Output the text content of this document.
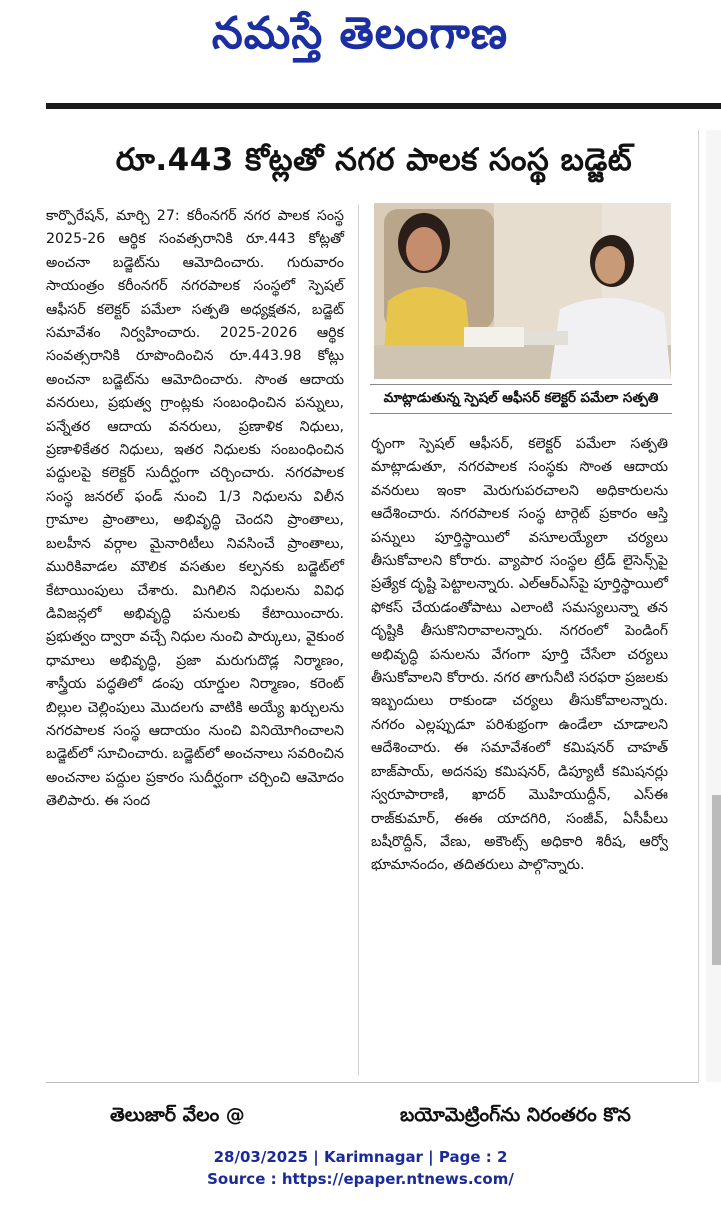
నమస్తే తెలంగాణ
రూ.443 కోట్లతో నగర పాలక సంస్థ బడ్జెట్
కార్పొరేషన్, మార్చి 27: కరీంనగర్ నగర పాలక సంస్థ 2025-26 ఆర్థిక సంవత్సరానికి రూ.443 కోట్లతో అంచనా బడ్జెట్‌ను ఆమోదించారు. గురువారం సాయంత్రం కరీంనగర్ నగరపాలక సంస్థలో స్పెషల్ ఆఫీసర్ కలెక్టర్ పమేలా సత్పతి అధ్యక్షతన, బడ్జెట్ సమావేశం నిర్వహించారు. 2025-2026 ఆర్థిక సంవత్సరానికి రూపొందించిన రూ.443.98 కోట్లు అంచనా బడ్జెట్‌ను ఆమోదించారు. సొంత ఆదాయ వనరులు, ప్రభుత్వ గ్రాంట్లకు సంబంధించిన పన్నులు, పన్నేతర ఆదాయ వనరులు, ప్రణాళిక నిధులు, ప్రణాళికేతర నిధులు, ఇతర నిధులకు సంబంధించిన పద్దులపై కలెక్టర్ సుదీర్ఘంగా చర్చించారు. నగరపాలక సంస్థ జనరల్ ఫండ్ నుంచి 1/3 నిధులను విలీన గ్రామాల ప్రాంతాలు, అభివృద్ధి చెందని ప్రాంతాలు, బలహీన వర్గాల మైనారిటీలు నివసించే ప్రాంతాలు, మురికివాడల మౌలిక వసతుల కల్పనకు బడ్జెట్‌లో కేటాయింపులు చేశారు. మిగిలిన నిధులను వివిధ డివిజన్లలో అభివృద్ధి పనులకు కేటాయించారు. ప్రభుత్వం ద్వారా వచ్చే నిధుల నుంచి పార్కులు, వైకుంఠ ధామాలు అభివృద్ధి, ప్రజా మరుగుదొడ్ల నిర్మాణం, శాస్త్రీయ పద్ధతిలో డంపు యార్డుల నిర్మాణం, కరెంట్ బిల్లుల చెల్లింపులు మొదలగు వాటికి అయ్యే ఖర్చులను నగరపాలక సంస్థ ఆదాయం నుంచి వినియోగించాలని బడ్జెట్‌లో సూచించారు. బడ్జెట్‌లో అంచనాలు సవరించిన అంచనాల పద్దుల ప్రకారం సుదీర్ఘంగా చర్చించి ఆమోదం తెలిపారు. ఈ సంద
మాట్లాడుతున్న స్పెషల్ ఆఫీసర్ కలెక్టర్ పమేలా సత్పతి
ర్భంగా స్పెషల్ ఆఫీసర్, కలెక్టర్ పమేలా సత్పతి మాట్లాడుతూ, నగరపాలక సంస్థకు సొంత ఆదాయ వనరులు ఇంకా మెరుగుపరచాలని అధికారులను ఆదేశించారు. నగరపాలక సంస్థ టార్గెట్ ప్రకారం ఆస్తి పన్నులు పూర్తిస్థాయిలో వసూలయ్యేలా చర్యలు తీసుకోవాలని కోరారు. వ్యాపార సంస్థల ట్రేడ్ లైసెన్స్‌పై ప్రత్యేక దృష్టి పెట్టాలన్నారు. ఎల్ఆర్ఎస్‌పై పూర్తిస్థాయిలో ఫోకస్ చేయడంతోపాటు ఎలాంటి సమస్యలున్నా తన దృష్టికి తీసుకొనిరావాలన్నారు. నగరంలో పెండింగ్ అభివృద్ధి పనులను వేగంగా పూర్తి చేసేలా చర్యలు తీసుకోవాలని కోరారు. నగర తాగునీటి సరఫరా ప్రజలకు ఇబ్బందులు రాకుండా చర్యలు తీసుకోవాలన్నారు. నగరం ఎల్లప్పుడూ పరిశుభ్రంగా ఉండేలా చూడాలని ఆదేశించారు. ఈ సమావేశంలో కమిషనర్ చాహత్ బాజ్‌పాయ్, అదనపు కమిషనర్, డిప్యూటీ కమిషనర్లు స్వరూపారాణి, ఖాదర్ మొహియుద్దీన్, ఎస్ఈ రాజ్‌కుమార్, ఈఈ యాదగిరి, సంజీవ్, ఏసీపీలు బషీరొద్దీన్, వేణు, అకౌంట్స్ అధికారి శిరీష, ఆర్వో భూమానందం, తదితరులు పాల్గొన్నారు.
తెలుజార్ వేలం @	బయోమెట్రింగ్‌ను నిరంతరం కొన
28/03/2025 | Karimnagar | Page : 2
Source : https://epaper.ntnews.com/
